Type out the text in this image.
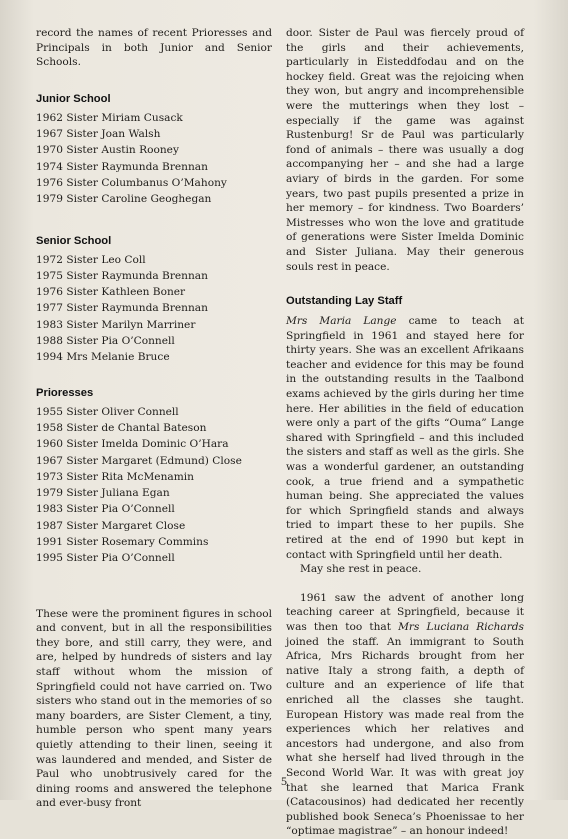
record the names of recent Prioresses and Principals in both Junior and Senior Schools.

Junior School
1962 Sister Miriam Cusack
1967 Sister Joan Walsh
1970 Sister Austin Rooney
1974 Sister Raymunda Brennan
1976 Sister Columbanus O’Mahony
1979 Sister Caroline Geoghegan
Senior School
1972 Sister Leo Coll
1975 Sister Raymunda Brennan
1976 Sister Kathleen Boner
1977 Sister Raymunda Brennan
1983 Sister Marilyn Marriner
1988 Sister Pia O’Connell
1994 Mrs Melanie Bruce
Prioresses
1955 Sister Oliver Connell
1958 Sister de Chantal Bateson
1960 Sister Imelda Dominic O’Hara
1967 Sister Margaret (Edmund) Close
1973 Sister Rita McMenamin
1979 Sister Juliana Egan
1983 Sister Pia O’Connell
1987 Sister Margaret Close
1991 Sister Rosemary Commins
1995 Sister Pia O’Connell

These were the prominent figures in school and convent, but in all the responsibilities they bore, and still carry, they were, and are, helped by hundreds of sisters and lay staff without whom the mission of Springfield could not have carried on. Two sisters who stand out in the memories of so many boarders, are Sister Clement, a tiny, humble person who spent many years quietly attending to their linen, seeing it was laundered and mended, and Sister de Paul who unobtrusively cared for the dining rooms and answered the telephone and ever-busy front

door. Sister de Paul was fiercely proud of the girls and their achievements, particularly in Eisteddfodau and on the hockey field. Great was the rejoicing when they won, but angry and incomprehensible were the mutterings when they lost – especially if the game was against Rustenburg! Sr de Paul was particularly fond of animals – there was usually a dog accompanying her – and she had a large aviary of birds in the garden. For some years, two past pupils presented a prize in her memory – for kindness. Two Boarders’ Mistresses who won the love and gratitude of generations were Sister Imelda Dominic and Sister Juliana. May their generous souls rest in peace.

Outstanding Lay Staff

Mrs Maria Lange came to teach at Springfield in 1961 and stayed here for thirty years. She was an excellent Afrikaans teacher and evidence for this may be found in the outstanding results in the Taalbond exams achieved by the girls during her time here. Her abilities in the field of education were only a part of the gifts “Ouma” Lange shared with Springfield – and this included the sisters and staff as well as the girls. She was a wonderful gardener, an outstanding cook, a true friend and a sympathetic human being. She appreciated the values for which Springfield stands and always tried to impart these to her pupils. She retired at the end of 1990 but kept in contact with Springfield until her death.

May she rest in peace.

1961 saw the advent of another long teaching career at Springfield, because it was then too that Mrs Luciana Richards joined the staff. An immigrant to South Africa, Mrs Richards brought from her native Italy a strong faith, a depth of culture and an experience of life that enriched all the classes she taught. European History was made real from the experiences which her relatives and ancestors had undergone, and also from what she herself had lived through in the Second World War. It was with great joy that she learned that Marica Frank (Catacousinos) had dedicated her recently published book Seneca’s Phoenissae to her “optimae magistrae” – an honour indeed!

5
